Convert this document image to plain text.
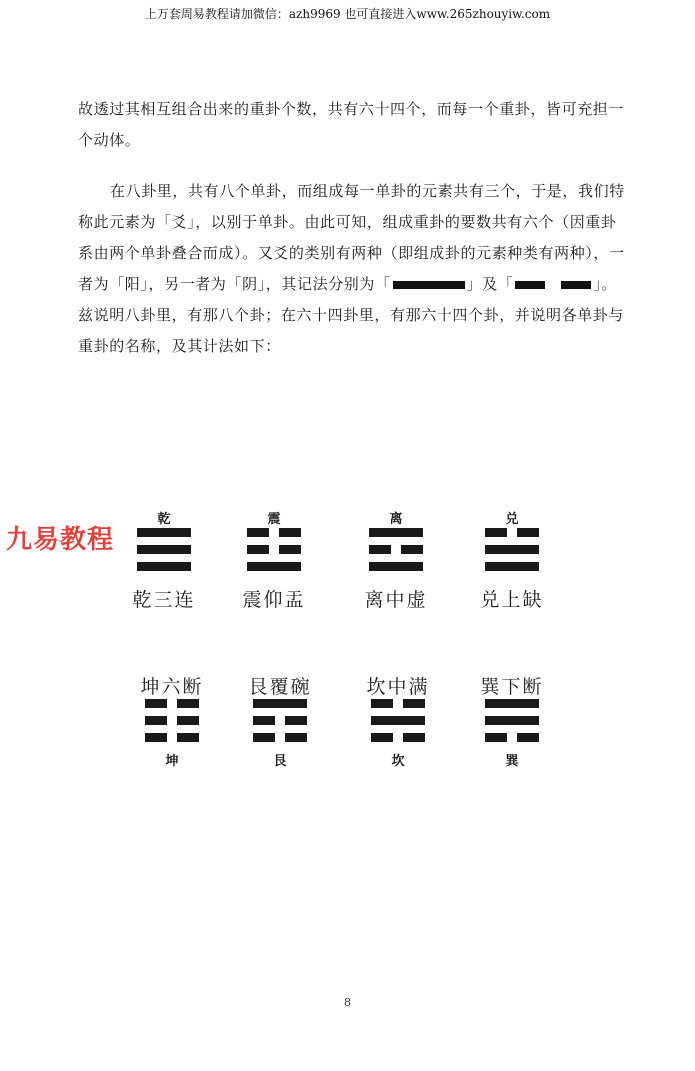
上万套周易教程请加微信：azh9969 也可直接进入www.265zhouyiw.com

故透过其相互组合出来的重卦个数，共有六十四个，而每一个重卦，皆可充担一个动体。

在八卦里，共有八个单卦，而组成每一单卦的元素共有三个，于是，我们特称此元素为「爻」，以别于单卦。由此可知，组成重卦的要数共有六个（因重卦系由两个单卦叠合而成）。又爻的类别有两种（即组成卦的元素种类有两种），一者为「阳」，另一者为「阴」，其记法分别为「	」及「	」。兹说明八卦里，有那八个卦；在六十四卦里，有那六十四个卦，并说明各单卦与重卦的名称，及其计法如下：

九易教程
乾
乾三连
震
震仰盂
离
离中虚
兑
兑上缺
坤六断
坤
艮覆碗
艮
坎中满
坎
巽下断
巽
8
